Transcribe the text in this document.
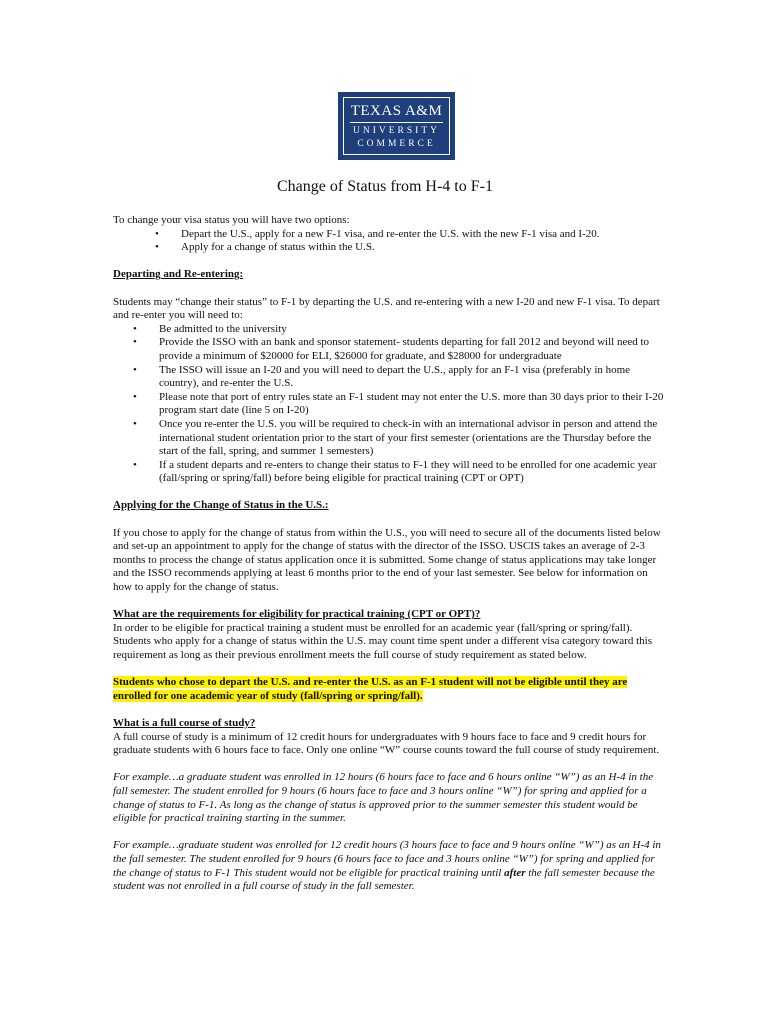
TEXAS A&M
UNIVERSITY
COMMERCE
Change of Status from H-4 to F-1

To change your visa status you will have two options:

• Depart the U.S., apply for a new F-1 visa, and re-enter the U.S. with the new F-1 visa and I-20.
• Apply for a change of status within the U.S.

Departing and Re-entering:

Students may “change their status” to F-1 by departing the U.S. and re-entering with a new I-20 and new F-1 visa. To depart and re-enter you will need to:

• Be admitted to the university
• Provide the ISSO with an bank and sponsor statement- students departing for fall 2012 and beyond will need to provide a minimum of $20000 for ELI, $26000 for graduate, and $28000 for undergraduate
• The ISSO will issue an I-20 and you will need to depart the U.S., apply for an F-1 visa (preferably in home country), and re-enter the U.S.
• Please note that port of entry rules state an F-1 student may not enter the U.S. more than 30 days prior to their I-20 program start date (line 5 on I-20)
• Once you re-enter the U.S. you will be required to check-in with an international advisor in person and attend the international student orientation prior to the start of your first semester (orientations are the Thursday before the start of the fall, spring, and summer 1 semesters)
• If a student departs and re-enters to change their status to F-1 they will need to be enrolled for one academic year (fall/spring or spring/fall) before being eligible for practical training (CPT or OPT)

Applying for the Change of Status in the U.S.:

If you chose to apply for the change of status from within the U.S., you will need to secure all of the documents listed below and set-up an appointment to apply for the change of status with the director of the ISSO. USCIS takes an average of 2-3 months to process the change of status application once it is submitted. Some change of status applications may take longer and the ISSO recommends applying at least 6 months prior to the end of your last semester. See below for information on how to apply for the change of status.

What are the requirements for eligibility for practical training (CPT or OPT)?

In order to be eligible for practical training a student must be enrolled for an academic year (fall/spring or spring/fall). Students who apply for a change of status within the U.S. may count time spent under a different visa category toward this requirement as long as their previous enrollment meets the full course of study requirement as stated below.

Students who chose to depart the U.S. and re-enter the U.S. as an F-1 student will not be eligible until they are enrolled for one academic year of study (fall/spring or spring/fall).

What is a full course of study?

A full course of study is a minimum of 12 credit hours for undergraduates with 9 hours face to face and 9 credit hours for graduate students with 6 hours face to face. Only one online “W” course counts toward the full course of study requirement.

For example…a graduate student was enrolled in 12 hours (6 hours face to face and 6 hours online “W”) as an H-4 in the fall semester. The student enrolled for 9 hours (6 hours face to face and 3 hours online “W”) for spring and applied for a change of status to F-1. As long as the change of status is approved prior to the summer semester this student would be eligible for practical training starting in the summer.

For example…graduate student was enrolled for 12 credit hours (3 hours face to face and 9 hours online “W”) as an H-4 in the fall semester. The student enrolled for 9 hours (6 hours face to face and 3 hours online “W”) for spring and applied for the change of status to F-1 This student would not be eligible for practical training until after the fall semester because the student was not enrolled in a full course of study in the fall semester.
